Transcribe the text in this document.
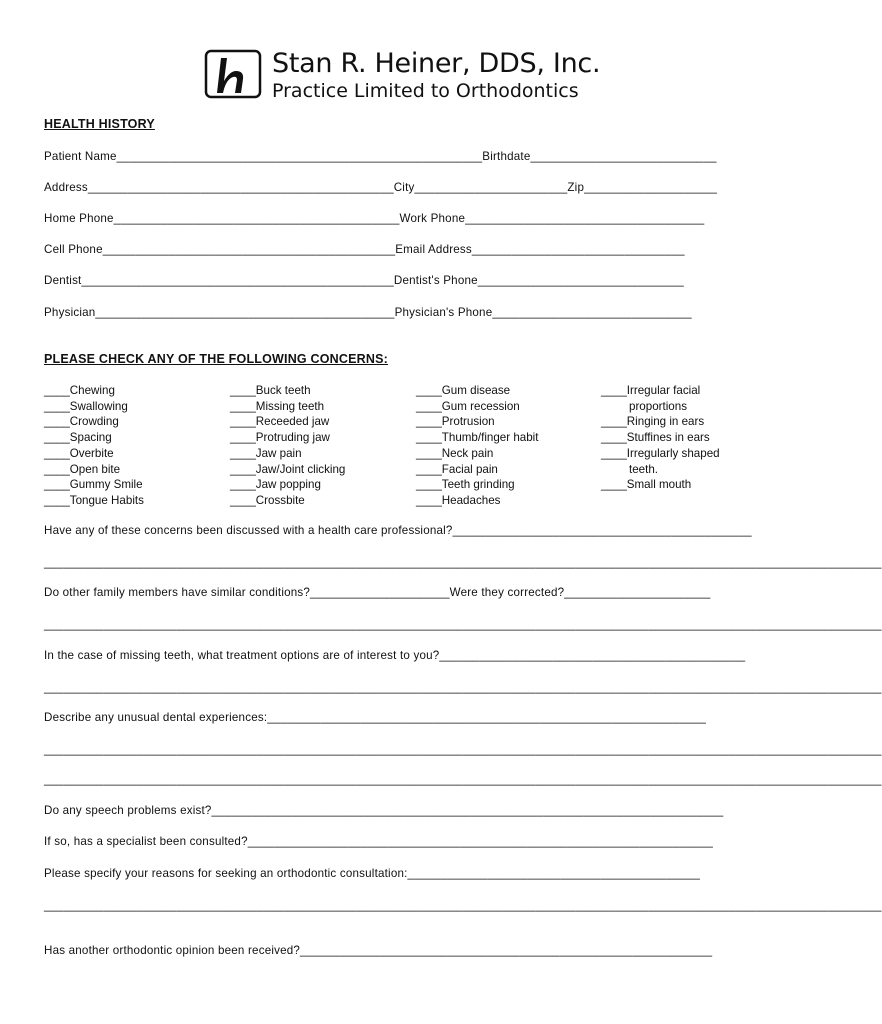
Stan R. Heiner, DDS, Inc.
Practice Limited to Orthodontics
HEALTH HISTORY
Patient Name_______________________________________________________Birthdate____________________________
Address______________________________________________City_______________________Zip____________________
Home Phone___________________________________________Work Phone____________________________________
Cell Phone____________________________________________Email Address________________________________
Dentist_______________________________________________Dentist's Phone_______________________________
Physician_____________________________________________Physician's Phone______________________________
PLEASE CHECK ANY OF THE FOLLOWING CONCERNS:
____Chewing
____Swallowing
____Crowding
____Spacing
____Overbite
____Open bite
____Gummy Smile
____Tongue Habits
____Buck teeth
____Missing teeth
____Receeded jaw
____Protruding jaw
____Jaw pain
____Jaw/Joint clicking
____Jaw popping
____Crossbite
____Gum disease
____Gum recession
____Protrusion
____Thumb/finger habit
____Neck pain
____Facial pain
____Teeth grinding
____Headaches
____Irregular facial
proportions
____Ringing in ears
____Stuffines in ears
____Irregularly shaped
teeth.
____Small mouth
Have any of these concerns been discussed with a health care professional?_____________________________________________
______________________________________________________________________________________________________________________________
Do other family members have similar conditions?_____________________Were they corrected?______________________
______________________________________________________________________________________________________________________________
In the case of missing teeth, what treatment options are of interest to you?______________________________________________
______________________________________________________________________________________________________________________________
Describe any unusual dental experiences:__________________________________________________________________
______________________________________________________________________________________________________________________________
______________________________________________________________________________________________________________________________
Do any speech problems exist?_____________________________________________________________________________
If so, has a specialist been consulted?______________________________________________________________________
Please specify your reasons for seeking an orthodontic consultation:____________________________________________
______________________________________________________________________________________________________________________________
Has another orthodontic opinion been received?______________________________________________________________
